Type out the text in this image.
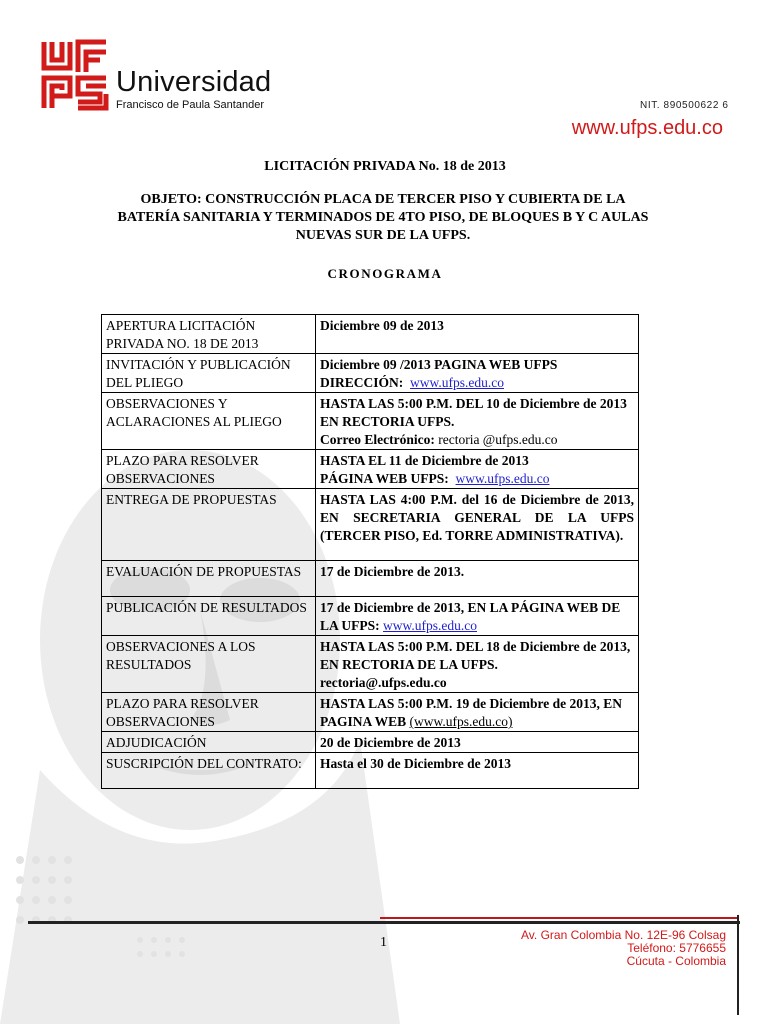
Universidad
Francisco de Paula Santander	NIT. 890500622 6
www.ufps.edu.co
LICITACIÓN PRIVADA No. 18 de 2013
OBJETO: CONSTRUCCIÓN PLACA DE TERCER PISO Y CUBIERTA DE LA BATERÍA SANITARIA Y TERMINADOS DE 4TO PISO, DE BLOQUES B Y C AULAS NUEVAS SUR DE LA UFPS.
CRONOGRAMA
APERTURA LICITACIÓN PRIVADA NO. 18 DE 2013	Diciembre 09 de 2013
INVITACIÓN Y PUBLICACIÓN DEL PLIEGO	Diciembre 09 /2013 PAGINA WEB UFPS
DIRECCIÓN: www.ufps.edu.co
OBSERVACIONES Y ACLARACIONES AL PLIEGO	HASTA LAS 5:00 P.M. DEL 10 de Diciembre de 2013 EN RECTORIA UFPS.
Correo Electrónico: rectoria @ufps.edu.co
PLAZO PARA RESOLVER OBSERVACIONES	HASTA EL 11 de Diciembre de 2013
PÁGINA WEB UFPS: www.ufps.edu.co
ENTREGA DE PROPUESTAS	HASTA LAS 4:00 P.M. del 16 de Diciembre de 2013, EN SECRETARIA GENERAL DE LA UFPS (TERCER PISO, Ed. TORRE ADMINISTRATIVA).
EVALUACIÓN DE PROPUESTAS	17 de Diciembre de 2013.
PUBLICACIÓN DE RESULTADOS	17 de Diciembre de 2013, EN LA PÁGINA WEB DE LA UFPS: www.ufps.edu.co
OBSERVACIONES A LOS RESULTADOS	HASTA LAS 5:00 P.M. DEL 18 de Diciembre de 2013, EN RECTORIA DE LA UFPS.
rectoria@.ufps.edu.co

PLAZO PARA RESOLVER OBSERVACIONES	HASTA LAS 5:00 P.M. 19 de Diciembre de 2013, EN PAGINA WEB (www.ufps.edu.co)
ADJUDICACIÓN	20 de Diciembre de 2013
SUSCRIPCIÓN DEL CONTRATO:	Hasta el 30 de Diciembre de 2013
1	Av. Gran Colombia No. 12E-96 Colsag
Teléfono: 5776655
Cúcuta - Colombia
